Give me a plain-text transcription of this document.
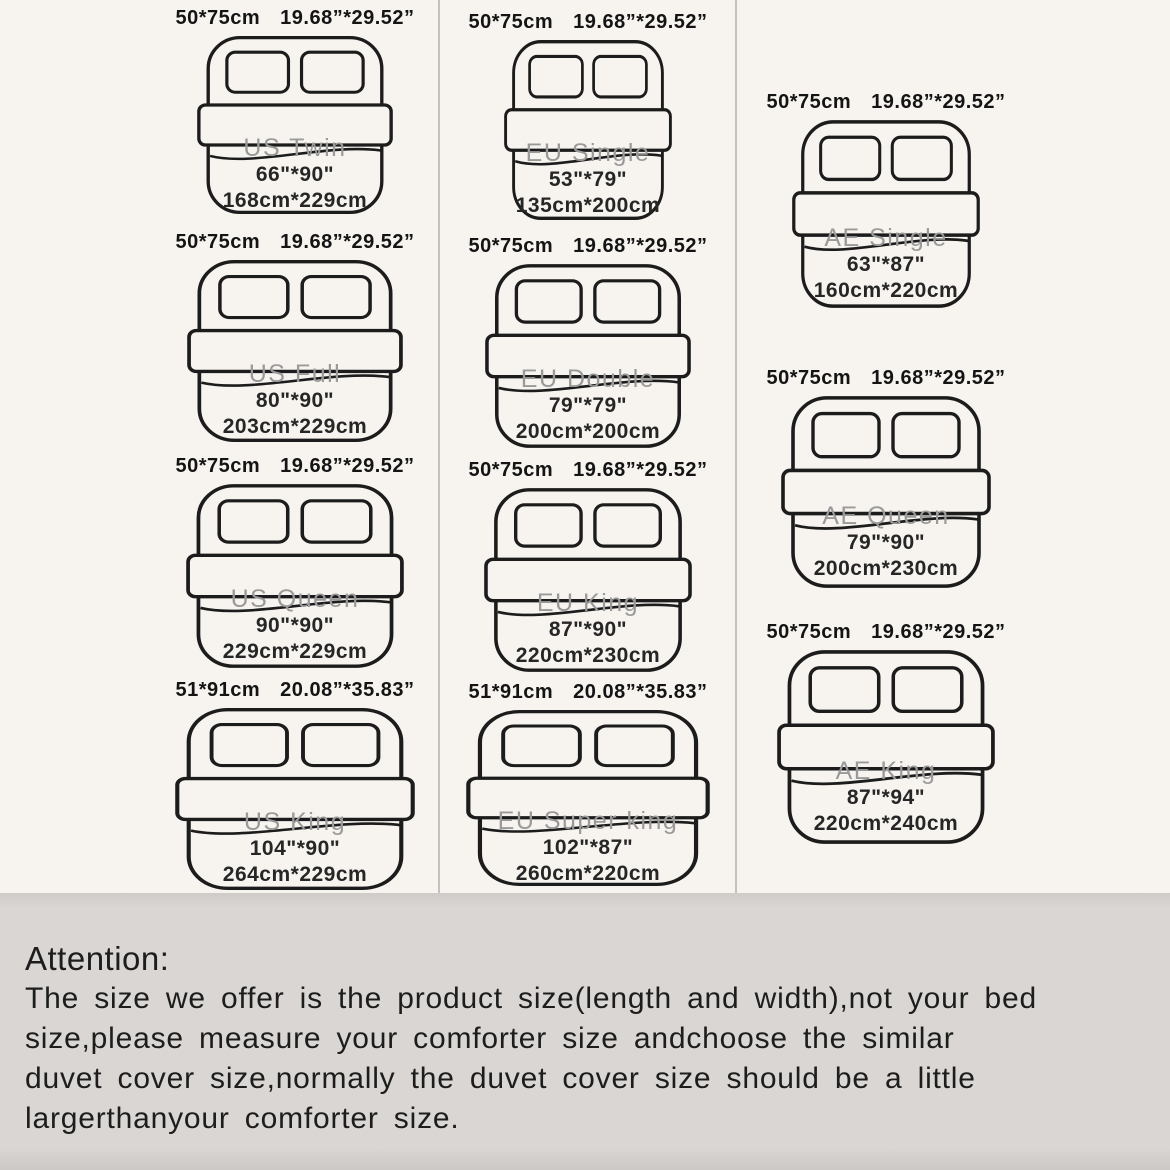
50*75cm 19.68”*29.52”
US Twin
66"*90"
168cm*229cm
50*75cm 19.68”*29.52”
US Full
80"*90"
203cm*229cm
50*75cm 19.68”*29.52”
US Queen
90"*90"
229cm*229cm
51*91cm 20.08”*35.83”
US King
104"*90"
264cm*229cm
50*75cm 19.68”*29.52”
EU Single
53"*79"
135cm*200cm
50*75cm 19.68”*29.52”
EU Double
79"*79"
200cm*200cm
50*75cm 19.68”*29.52”
EU King
87"*90"
220cm*230cm
51*91cm 20.08”*35.83”
EU Super king
102"*87"
260cm*220cm
50*75cm 19.68”*29.52”
AE Single
63"*87"
160cm*220cm
50*75cm 19.68”*29.52”
AE Queen
79"*90"
200cm*230cm
50*75cm 19.68”*29.52”
AE King
87"*94"
220cm*240cm
Attention:
The size we offer is the product size(length and width),not your bed
size,please measure your comforter size andchoose the similar
duvet cover size,normally the duvet cover size should be a little
largerthanyour comforter size.
